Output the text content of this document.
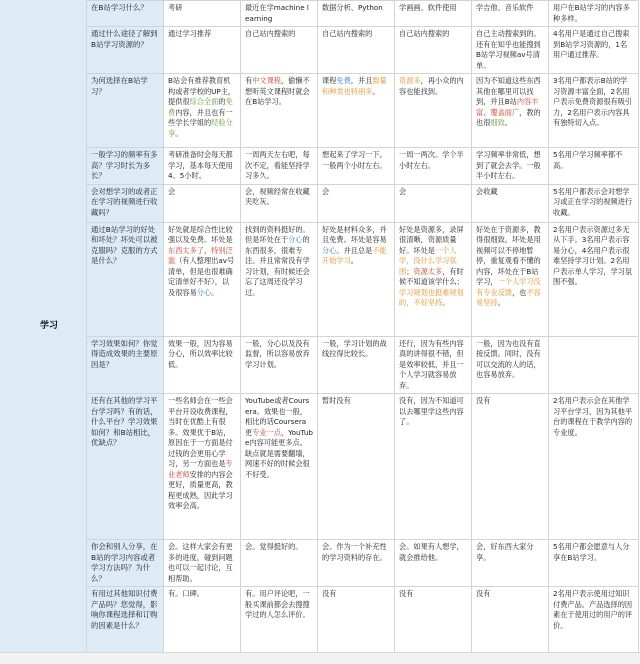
学习
在B站学习什么？	考研	最近在学machine learning	数据分析、Python	学画画、软件使用	学吉他、音乐软件	用户在B站学习的内容多种多样。
通过什么途径了解到B站学习资源的？	通过学习推荐	自己站内搜索的	自己站内搜索的	自己站内搜索的	自己主动搜索到的。还有在知乎也能搜到B站学习视频av号清单。	4名用户是通过自己搜索到B站学习资源的，1名用户通过推荐。
为何选择在B站学习？	B站会有推荐教育机构或者学校的UP主，提供很综合全面的免费内容，并且也有一些学长学姐的经验分享。	有中文课程，偷懒不想听英文课程时就会在B站学习。	课程免费，并且数量和种类也特别多。	资源多，再小众的内容也能找到。	因为不知道这些东西其他在哪里可以找到，并且B站内容丰富、覆盖面广，教的也很细致。	3名用户都表示B站的学习资源丰富全面，2名用户表示免费资源很有吸引力，2名用户表示内容具有独特切入点。
一般学习的频率有多高？学习时长为多长？	考研准备时会每天都学习，基本每天使用4、5小时。	一周两天左右吧，每次不定，看能坚持学习多久。	想起来了学习一下。一般两个小时左右。	一周一两次。学个半小时左右。	学习频率非常低，想到了就会去学。一般半小时左右。	5名用户学习频率都不高。
会对想学习的或者正在学习的视频进行收藏吗？	会	会，视频经常在收藏夹吃灰。	会	会	会收藏	5名用户都表示会对想学习或正在学习的视频进行收藏。
通过B站学习的好处和坏处？坏处可以被克服吗？克服的方式是什么？	好处就是综合性比较强以及免费。坏处是东西太多了，特别泛滥（有人整理出av号清单，但是也很难确定清单好不好），以及很容易分心。	找到的资料挺好的。但是坏处在于分心的东西很多，很难专注。并且常常没有学习计划，有时候还会忘了这周还没学习过。	好处是材料众多，并且免费。坏处是容易分心。并且总是不能开始学习。	好处是资源多，录屏很清晰，资源质量好。坏处是一个人学，没什么学习氛围；资源太多，有时候不知道该学什么；学习规划也挺难规划的，不好坚持。	好处在于资源多，教得很细致。坏处是用视频可以不停地暂停，重复观看不懂的内容，坏处在于B站学习，一个人学习没有专业反馈，也不容易坚持。	2名用户表示资源过多无从下手。3名用户表示容易分心，4名用户表示很难坚持学习计划。2名用户表示单人学习，学习氛围不强。
学习效果如何？你觉得造成效果的主要原因是？	效果一般，因为容易分心，所以效率比较低。	一般，分心以及没有监督，所以容易放弃学习计划。	一般，学习计划的战线拉得比较长。	还行，因为有些内容真的讲得很不错，但是效率较低，并且一个人学习就容易放弃。	一般，因为也没有直接反馈。同时，没有可以交流的人的话，也容易放弃。	
还有在其他的学习平台学习吗？有的话，什么平台？学习效果如何？和B站相比，优缺点？	一些名师会在一些会平台开设收费课程，当时在优酷上有很多。效果优于B站，原因在于一方面是付过钱的会更用心学习，另一方面也是专业老师安排的内容会更好，质量更高，教程更成熟，因此学习效率会高。	YouTube或者Coursera。效果也一般，相比的话Coursera更专业一点，YouTube内容可能更多点。缺点就是需要翻墙，网速不好的时候会很不好受。	暂时没有	没有，因为不知道可以去哪里学这些内容了。	没有	2名用户表示会在其他学习平台学习，因为其他平台的课程在于教学内容的专业度。
你会和别人分享，在B站的学习内容或者学习方法吗？为什么？	会。这样大家会有更多的进度，碰到问题也可以一起讨论，互相帮助。	会。觉得挺好的。	会。作为一个补充性的学习资料的存在。	会。如果有人想学，就会推给他。	会，好东西大家分享。	5名用户都会愿意与人分享在B站学习。
有用过其他知识付费产品吗？您觉得，影响你课程选择和订购的因素是什么？	有。口碑。	有。用户评论吧，一般买课前都会去搜搜学过的人怎么评价。	没有	没有	没有	2名用户表示使用过知识付费产品。产品选择的因素在于使用过的用户的评价。
